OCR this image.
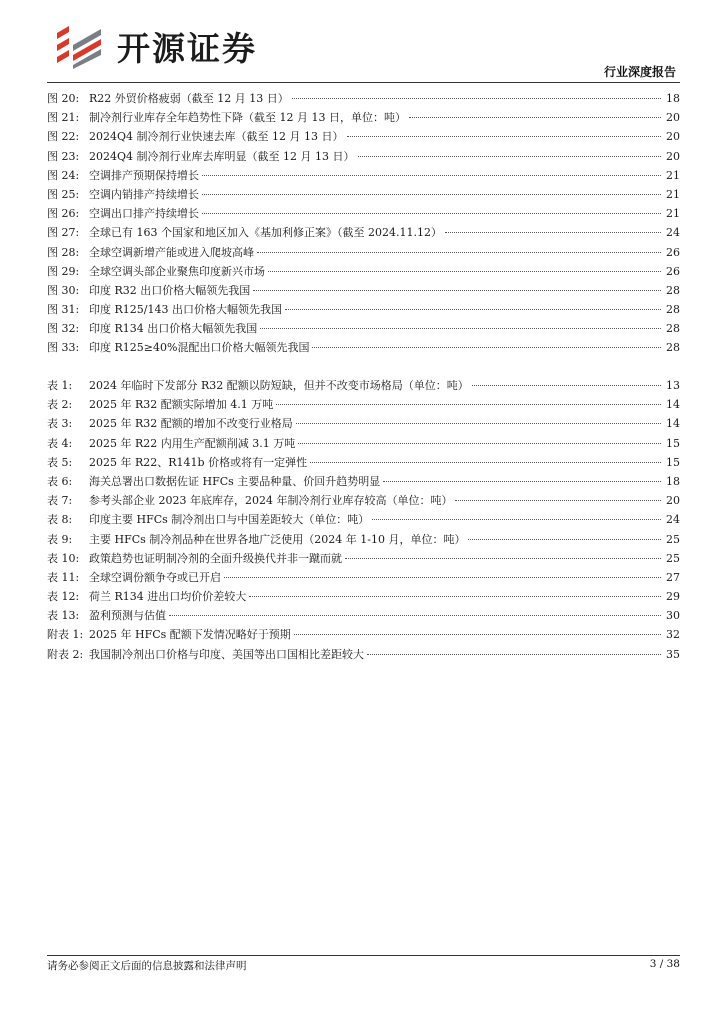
开源证券
行业深度报告
图 20: R22 外贸价格疲弱（截至 12 月 13 日）	18
图 21: 制冷剂行业库存全年趋势性下降（截至 12 月 13 日，单位：吨）	20
图 22: 2024Q4 制冷剂行业快速去库（截至 12 月 13 日）	20
图 23: 2024Q4 制冷剂行业库去库明显（截至 12 月 13 日）	20
图 24: 空调排产预期保持增长	21
图 25: 空调内销排产持续增长	21
图 26: 空调出口排产持续增长	21
图 27: 全球已有 163 个国家和地区加入《基加利修正案》（截至 2024.11.12）	24
图 28: 全球空调新增产能或进入爬坡高峰	26
图 29: 全球空调头部企业聚焦印度新兴市场	26
图 30: 印度 R32 出口价格大幅领先我国	28
图 31: 印度 R125/143 出口价格大幅领先我国	28
图 32: 印度 R134 出口价格大幅领先我国	28
图 33: 印度 R125≥40%混配出口价格大幅领先我国	28
表 1:	2024 年临时下发部分 R32 配额以防短缺，但并不改变市场格局（单位：吨）	13
表 2:	2025 年 R32 配额实际增加 4.1 万吨	14
表 3:	2025 年 R32 配额的增加不改变行业格局	14
表 4:	2025 年 R22 内用生产配额削减 3.1 万吨	15
表 5:	2025 年 R22、R141b 价格或将有一定弹性	15
表 6:	海关总署出口数据佐证 HFCs 主要品种量、价回升趋势明显	18
表 7:	参考头部企业 2023 年底库存，2024 年制冷剂行业库存较高（单位：吨）	20
表 8:	印度主要 HFCs 制冷剂出口与中国差距较大（单位：吨）	24
表 9:	主要 HFCs 制冷剂品种在世界各地广泛使用（2024 年 1-10 月，单位：吨）	25
表 10: 政策趋势也证明制冷剂的全面升级换代并非一蹴而就	25
表 11: 全球空调份额争夺或已开启	27
表 12: 荷兰 R134 进出口均价价差较大	29
表 13: 盈利预测与估值	30
附表 1: 2025 年 HFCs 配额下发情况略好于预期	32
附表 2: 我国制冷剂出口价格与印度、美国等出口国相比差距较大	35
请务必参阅正文后面的信息披露和法律声明	3 / 38
